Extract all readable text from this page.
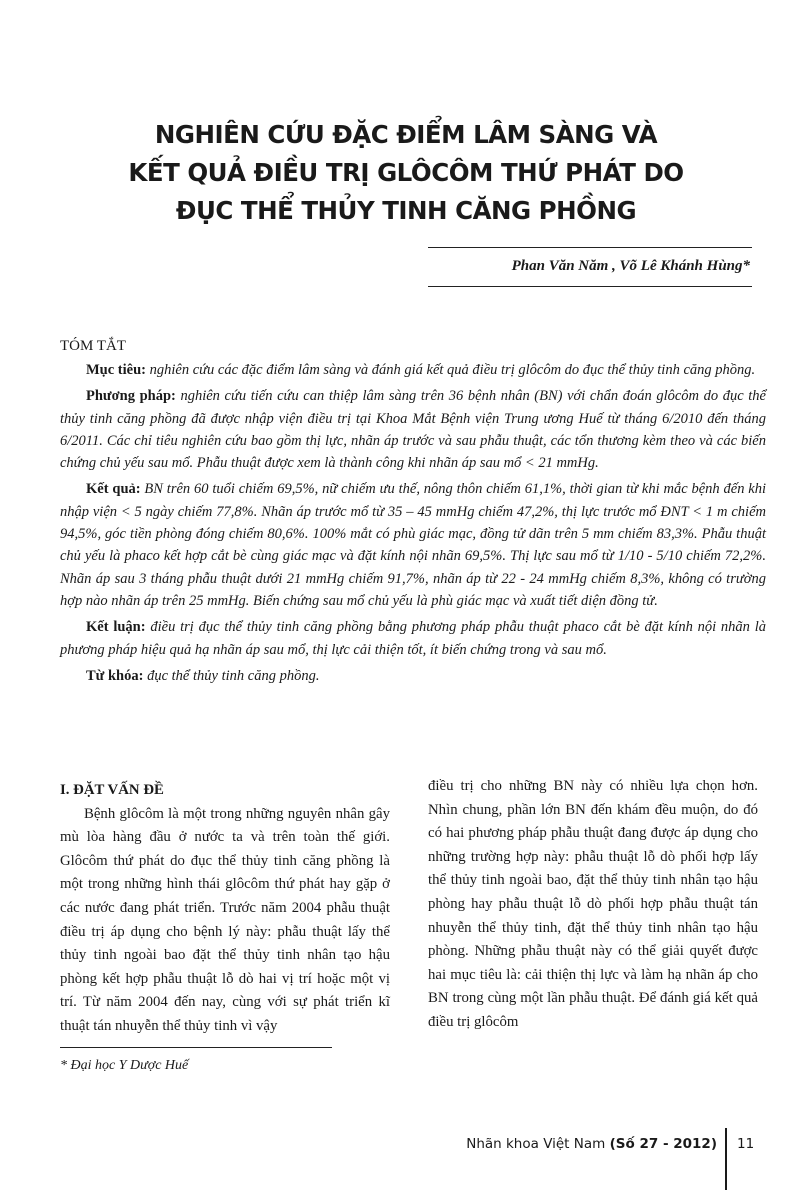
NGHIÊN CỨU ĐẶC ĐIỂM LÂM SÀNG VÀ
KẾT QUẢ ĐIỀU TRỊ GLÔCÔM THỨ PHÁT DO
ĐỤC THỂ THỦY TINH CĂNG PHỒNG
Phan Văn Năm , Võ Lê Khánh Hùng*

TÓM TẮT

Mục tiêu: nghiên cứu các đặc điểm lâm sàng và đánh giá kết quả điều trị glôcôm do đục thể thủy tinh căng phồng.

Phương pháp: nghiên cứu tiến cứu can thiệp lâm sàng trên 36 bệnh nhân (BN) với chẩn đoán glôcôm do đục thể thủy tinh căng phồng đã được nhập viện điều trị tại Khoa Mắt Bệnh viện Trung ương Huế từ tháng 6/2010 đến tháng 6/2011. Các chỉ tiêu nghiên cứu bao gồm thị lực, nhãn áp trước và sau phẫu thuật, các tổn thương kèm theo và các biến chứng chủ yếu sau mổ. Phẫu thuật được xem là thành công khi nhãn áp sau mổ < 21 mmHg.

Kết quả: BN trên 60 tuổi chiếm 69,5%, nữ chiếm ưu thế, nông thôn chiếm 61,1%, thời gian từ khi mắc bệnh đến khi nhập viện < 5 ngày chiếm 77,8%. Nhãn áp trước mổ từ 35 – 45 mmHg chiếm 47,2%, thị lực trước mổ ĐNT < 1 m chiếm 94,5%, góc tiền phòng đóng chiếm 80,6%. 100% mắt có phù giác mạc, đồng tử dãn trên 5 mm chiếm 83,3%. Phẫu thuật chủ yếu là phaco kết hợp cắt bè cùng giác mạc và đặt kính nội nhãn 69,5%. Thị lực sau mổ từ 1/10 - 5/10 chiếm 72,2%. Nhãn áp sau 3 tháng phẫu thuật dưới 21 mmHg chiếm 91,7%, nhãn áp từ 22 - 24 mmHg chiếm 8,3%, không có trường hợp nào nhãn áp trên 25 mmHg. Biến chứng sau mổ chủ yếu là phù giác mạc và xuất tiết diện đồng tử.

Kết luận: điều trị đục thể thủy tinh căng phồng bằng phương pháp phẫu thuật phaco cắt bè đặt kính nội nhãn là phương pháp hiệu quả hạ nhãn áp sau mổ, thị lực cải thiện tốt, ít biến chứng trong và sau mổ.

Từ khóa: đục thể thủy tinh căng phồng.

I. ĐẶT VẤN ĐỀ

Bệnh glôcôm là một trong những nguyên nhân gây mù lòa hàng đầu ở nước ta và trên toàn thế giới. Glôcôm thứ phát do đục thể thủy tinh căng phồng là một trong những hình thái glôcôm thứ phát hay gặp ở các nước đang phát triển. Trước năm 2004 phẫu thuật điều trị áp dụng cho bệnh lý này: phẫu thuật lấy thể thủy tinh ngoài bao đặt thể thủy tinh nhân tạo hậu phòng kết hợp phẫu thuật lỗ dò hai vị trí hoặc một vị trí. Từ năm 2004 đến nay, cùng với sự phát triển kĩ thuật tán nhuyễn thể thủy tinh vì vậy

điều trị cho những BN này có nhiều lựa chọn hơn. Nhìn chung, phần lớn BN đến khám đều muộn, do đó có hai phương pháp phẫu thuật đang được áp dụng cho những trường hợp này: phẫu thuật lỗ dò phối hợp lấy thể thủy tinh ngoài bao, đặt thể thủy tinh nhân tạo hậu phòng hay phẫu thuật lỗ dò phối hợp phẫu thuật tán nhuyễn thể thủy tinh, đặt thể thủy tinh nhân tạo hậu phòng. Những phẫu thuật này có thể giải quyết được hai mục tiêu là: cải thiện thị lực và làm hạ nhãn áp cho BN trong cùng một lần phẫu thuật. Để đánh giá kết quả điều trị glôcôm

* Đại học Y Dược Huế
Nhãn khoa Việt Nam (Số 27 - 2012) 11
